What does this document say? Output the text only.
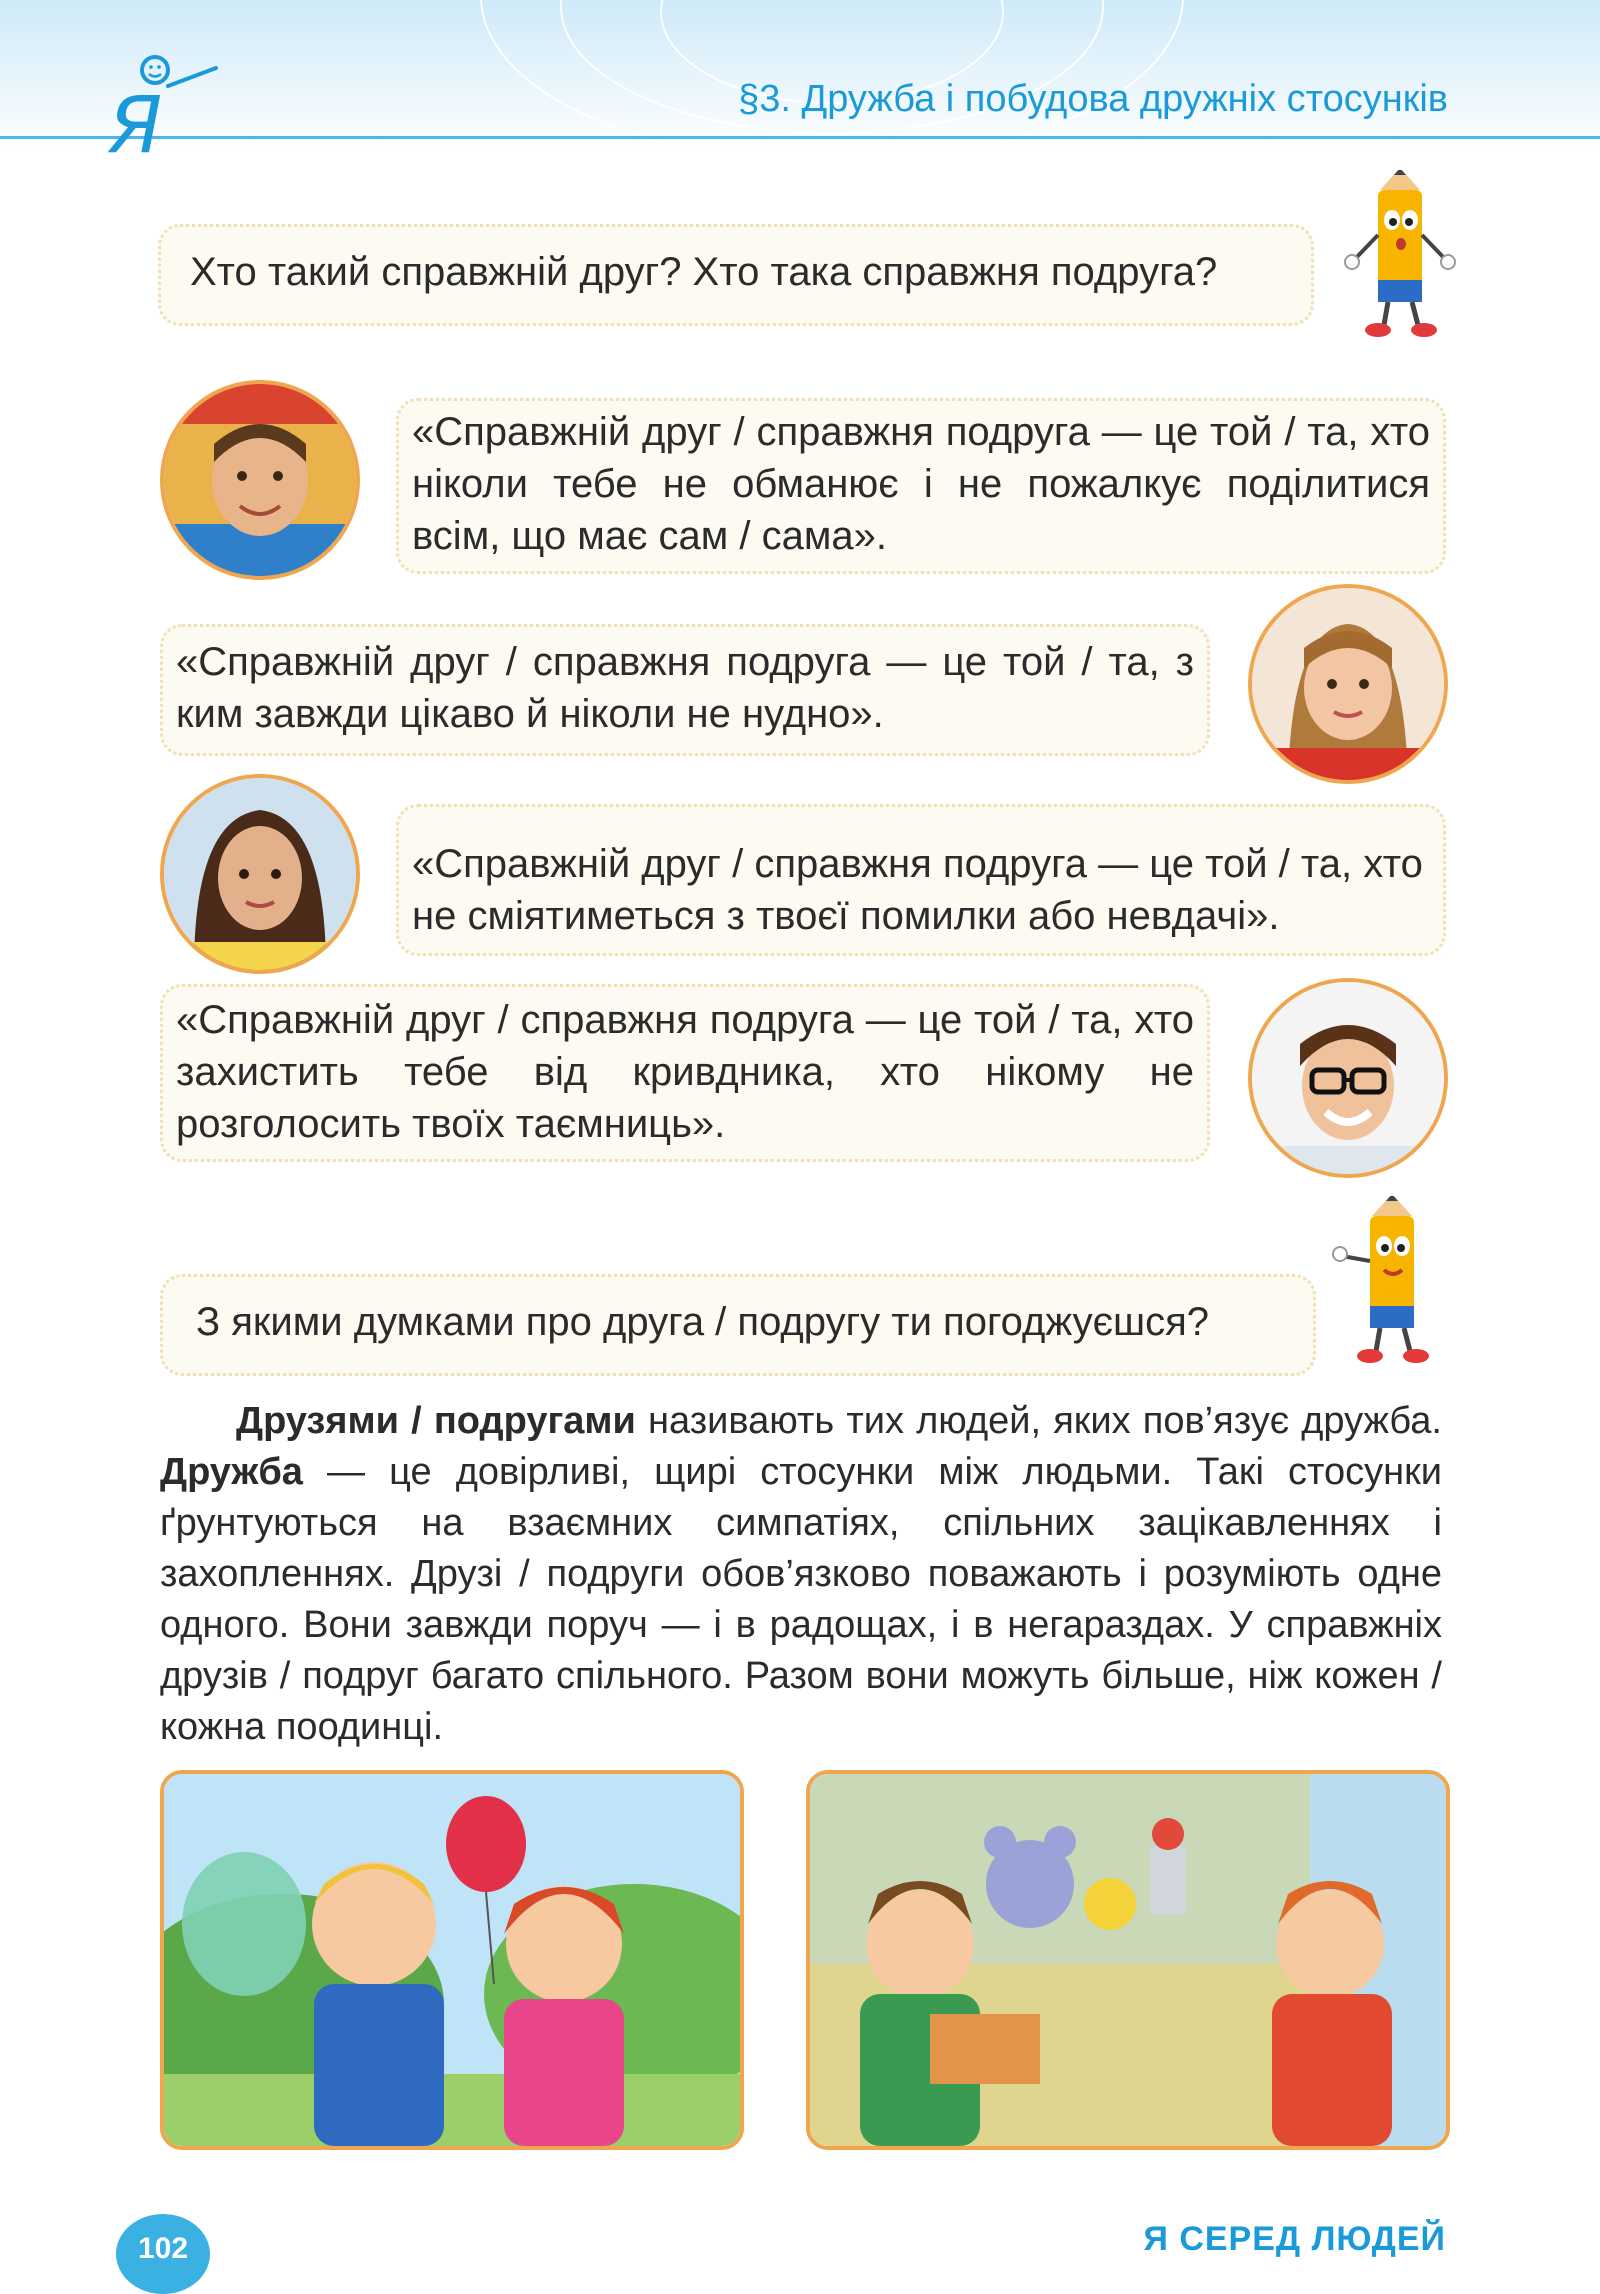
Я	§3. Дружба і побудова дружніх стосунків
Хто такий справжній друг? Хто така справжня подруга?
«Справжній друг / справжня подруга — це той / та, хто ніколи тебе не обманює і не пожалкує поділитися всім, що має сам / сама».
«Справжній друг / справжня подруга — це той / та, з ким завжди цікаво й ніколи не нудно».
«Справжній друг / справжня подруга — це той / та, хто не сміятиметься з твоєї помилки або невдачі».
«Справжній друг / справжня подруга — це той / та, хто захистить тебе від кривдника, хто нікому не розголосить твоїх таємниць».
З якими думками про друга / подругу ти погоджуєшся?
Друзями / подругами називають тих людей, яких пов’язує дружба. Дружба — це довірливі, щирі стосунки між людьми. Такі стосунки ґрунтуються на взаємних симпатіях, спільних зацікавленнях і захопленнях. Друзі / подруги обов’язково поважають і розуміють одне одного. Вони завжди поруч — і в радощах, і в негараздах. У справжніх друзів / подруг багато спільного. Разом вони можуть більше, ніж кожен / кожна поодинці.
102	Я СЕРЕД ЛЮДЕЙ
